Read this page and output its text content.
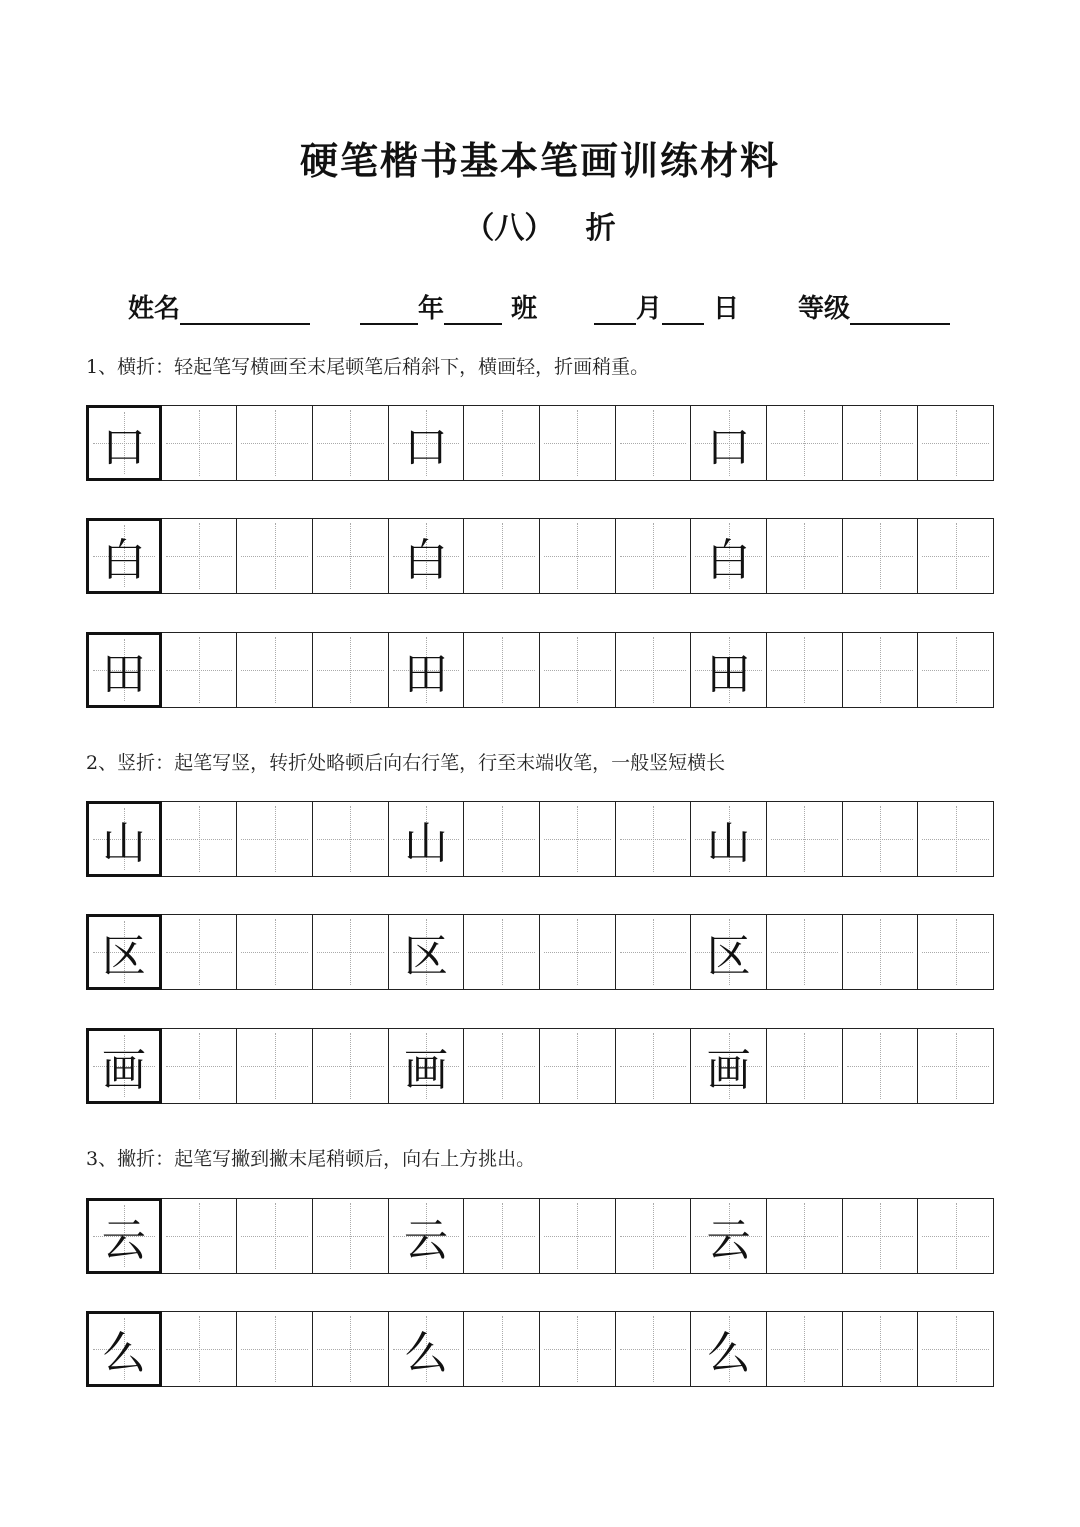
硬笔楷书基本笔画训练材料
（八） 折
姓名	年	班	月 日 等级
1、横折：轻起笔写横画至末尾顿笔后稍斜下，横画轻，折画稍重。
口	口	口
白	白	白
田	田	田
2、竖折：起笔写竖，转折处略顿后向右行笔，行至末端收笔，一般竖短横长
山	山	山
区	区	区
画	画	画
3、撇折：起笔写撇到撇末尾稍顿后，向右上方挑出。
云	云	云
么	么	么
